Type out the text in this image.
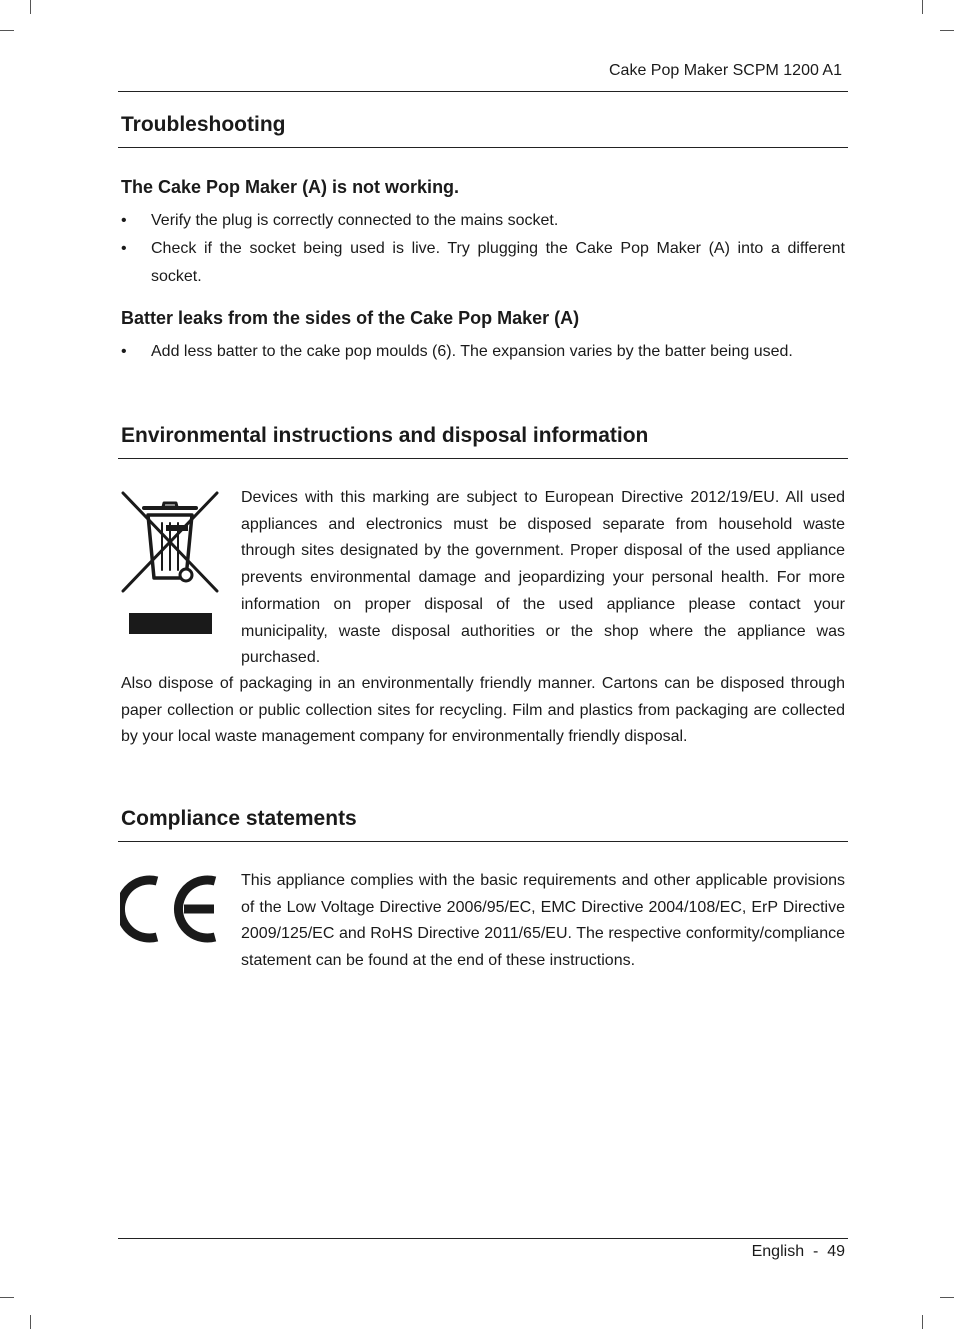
Cake Pop Maker SCPM 1200 A1
Troubleshooting
The Cake Pop Maker (A) is not working.
• Verify the plug is correctly connected to the mains socket.
• Check if the socket being used is live. Try plugging the Cake Pop Maker (A) into a different socket.
Batter leaks from the sides of the Cake Pop Maker (A)
• Add less batter to the cake pop moulds (6). The expansion varies by the batter being used.
Environmental instructions and disposal information

Devices with this marking are subject to European Directive 2012/19/EU. All used appliances and electronics must be disposed separate from household waste through sites designated by the government. Proper disposal of the used appliance prevents environmental damage and jeopardizing your personal health. For more information on proper disposal of the used appliance please contact your municipality, waste disposal authorities or the shop where the appliance was purchased.

Also dispose of packaging in an environmentally friendly manner. Cartons can be disposed through paper collection or public collection sites for recycling. Film and plastics from packaging are collected by your local waste management company for environmentally friendly disposal.

Compliance statements

This appliance complies with the basic requirements and other applicable provisions of the Low Voltage Directive 2006/95/EC, EMC Directive 2004/108/EC, ErP Directive 2009/125/EC and RoHS Directive 2011/65/EU. The respective conformity/compliance statement can be found at the end of these instructions.

English  -  49
